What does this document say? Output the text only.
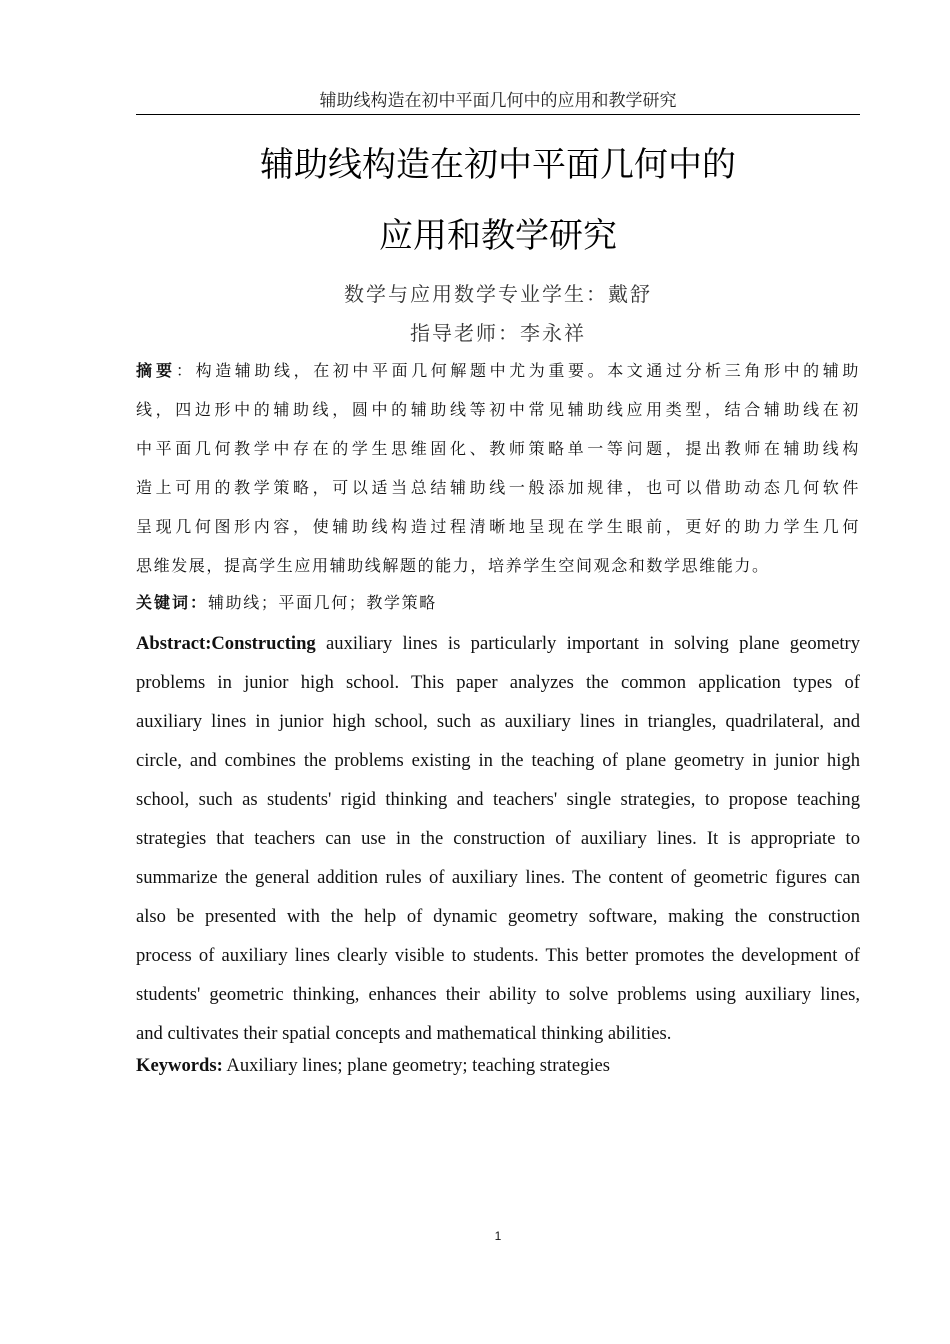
辅助线构造在初中平面几何中的应用和教学研究
辅助线构造在初中平面几何中的
应用和教学研究
数学与应用数学专业学生：戴舒
指导老师：李永祥
摘要：构造辅助线，在初中平面几何解题中尤为重要。本文通过分析三角形中的辅助
线，四边形中的辅助线，圆中的辅助线等初中常见辅助线应用类型，结合辅助线在初
中平面几何教学中存在的学生思维固化、教师策略单一等问题，提出教师在辅助线构
造上可用的教学策略，可以适当总结辅助线一般添加规律，也可以借助动态几何软件
呈现几何图形内容，使辅助线构造过程清晰地呈现在学生眼前，更好的助力学生几何
思维发展，提高学生应用辅助线解题的能力，培养学生空间观念和数学思维能力。
关键词：辅助线；平面几何；教学策略
Abstract:Constructing auxiliary lines is particularly important in solving plane geometry
problems in junior high school. This paper analyzes the common application types of
auxiliary lines in junior high school, such as auxiliary lines in triangles, quadrilateral, and
circle, and combines the problems existing in the teaching of plane geometry in junior high
school, such as students' rigid thinking and teachers' single strategies, to propose teaching
strategies that teachers can use in the construction of auxiliary lines. It is appropriate to
summarize the general addition rules of auxiliary lines. The content of geometric figures can
also be presented with the help of dynamic geometry software, making the construction
process of auxiliary lines clearly visible to students. This better promotes the development of
students' geometric thinking, enhances their ability to solve problems using auxiliary lines,
and cultivates their spatial concepts and mathematical thinking abilities.
Keywords: Auxiliary lines; plane geometry; teaching strategies
1
